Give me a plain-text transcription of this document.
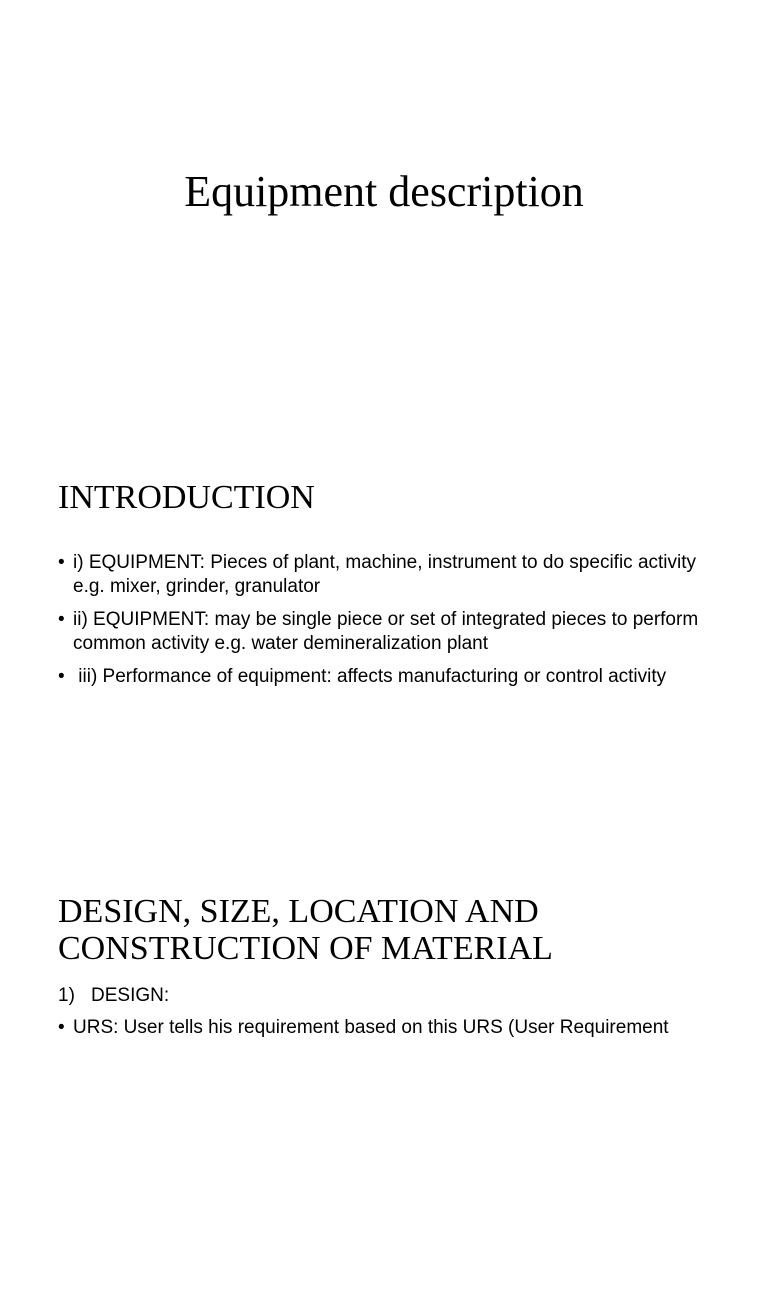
Equipment description
INTRODUCTION
• i) EQUIPMENT: Pieces of plant, machine, instrument to do specific activity e.g. mixer, grinder, granulator
• ii) EQUIPMENT: may be single piece or set of integrated pieces to perform common activity e.g. water demineralization plant
• iii) Performance of equipment: affects manufacturing or control activity
DESIGN, SIZE, LOCATION AND CONSTRUCTION OF MATERIAL
1) DESIGN:
• URS: User tells his requirement based on this URS (User Requirement
